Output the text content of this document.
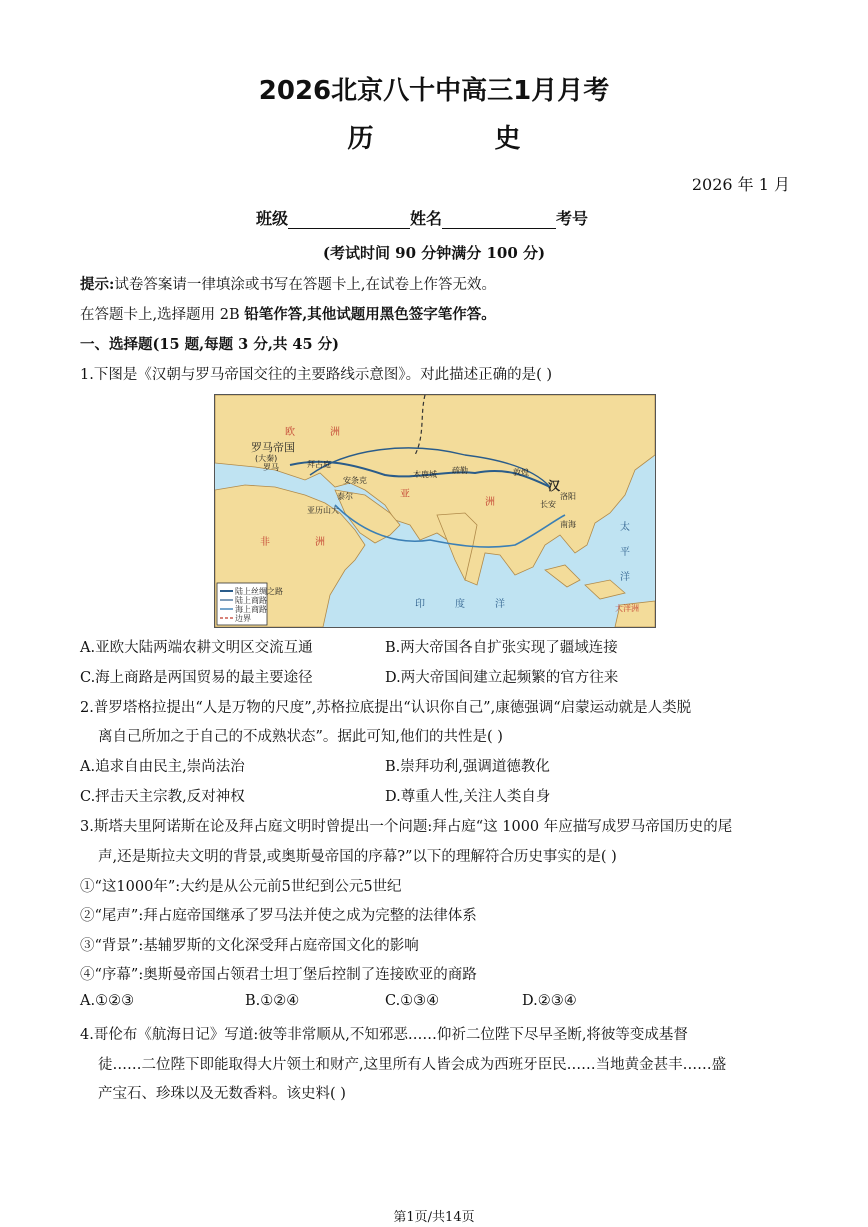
2026北京八十中高三1月月考
历 史
2026 年 1 月
班级	姓名	考号
(考试时间 90 分钟满分 100 分)
提示:试卷答案请一律填涂或书写在答题卡上,在试卷上作答无效。
在答题卡上,选择题用 2B 铅笔作答,其他试题用黑色签字笔作答。
一、选择题(15 题,每题 3 分,共 45 分)
1.下图是《汉朝与罗马帝国交往的主要路线示意图》。对此描述正确的是( )
陆上丝绸之路
陆上商路
海上商路
边界
罗马帝国
(大秦)
罗马	拜占庭
安条克
泰尔
亚历山大
木鹿城 疏勒	敦煌
汉
洛阳
长安
南海
大洋洲
欧	洲
亚
洲
非	洲
印	度	洋
太
平
洋
A.亚欧大陆两端农耕文明区交流互通	B.两大帝国各自扩张实现了疆域连接
C.海上商路是两国贸易的最主要途径	D.两大帝国间建立起频繁的官方往来
2.普罗塔格拉提出“人是万物的尺度”,苏格拉底提出“认识你自己”,康德强调“启蒙运动就是人类脱
离自己所加之于自己的不成熟状态”。据此可知,他们的共性是( )
A.追求自由民主,崇尚法治	B.崇拜功利,强调道德教化
C.抨击天主宗教,反对神权	D.尊重人性,关注人类自身
3.斯塔夫里阿诺斯在论及拜占庭文明时曾提出一个问题:拜占庭“这 1000 年应描写成罗马帝国历史的尾
声,还是斯拉夫文明的背景,或奥斯曼帝国的序幕?”以下的理解符合历史事实的是( )
①“这1000年”:大约是从公元前5世纪到公元5世纪
②“尾声”:拜占庭帝国继承了罗马法并使之成为完整的法律体系
③“背景”:基辅罗斯的文化深受拜占庭帝国文化的影响
④“序幕”:奥斯曼帝国占领君士坦丁堡后控制了连接欧亚的商路
A.①②③	B.①②④	C.①③④	D.②③④
4.哥伦布《航海日记》写道:彼等非常顺从,不知邪恶……仰祈二位陛下尽早圣断,将彼等变成基督
徒……二位陛下即能取得大片领土和财产,这里所有人皆会成为西班牙臣民……当地黄金甚丰……盛
产宝石、珍珠以及无数香料。该史料( )
第1页/共14页
